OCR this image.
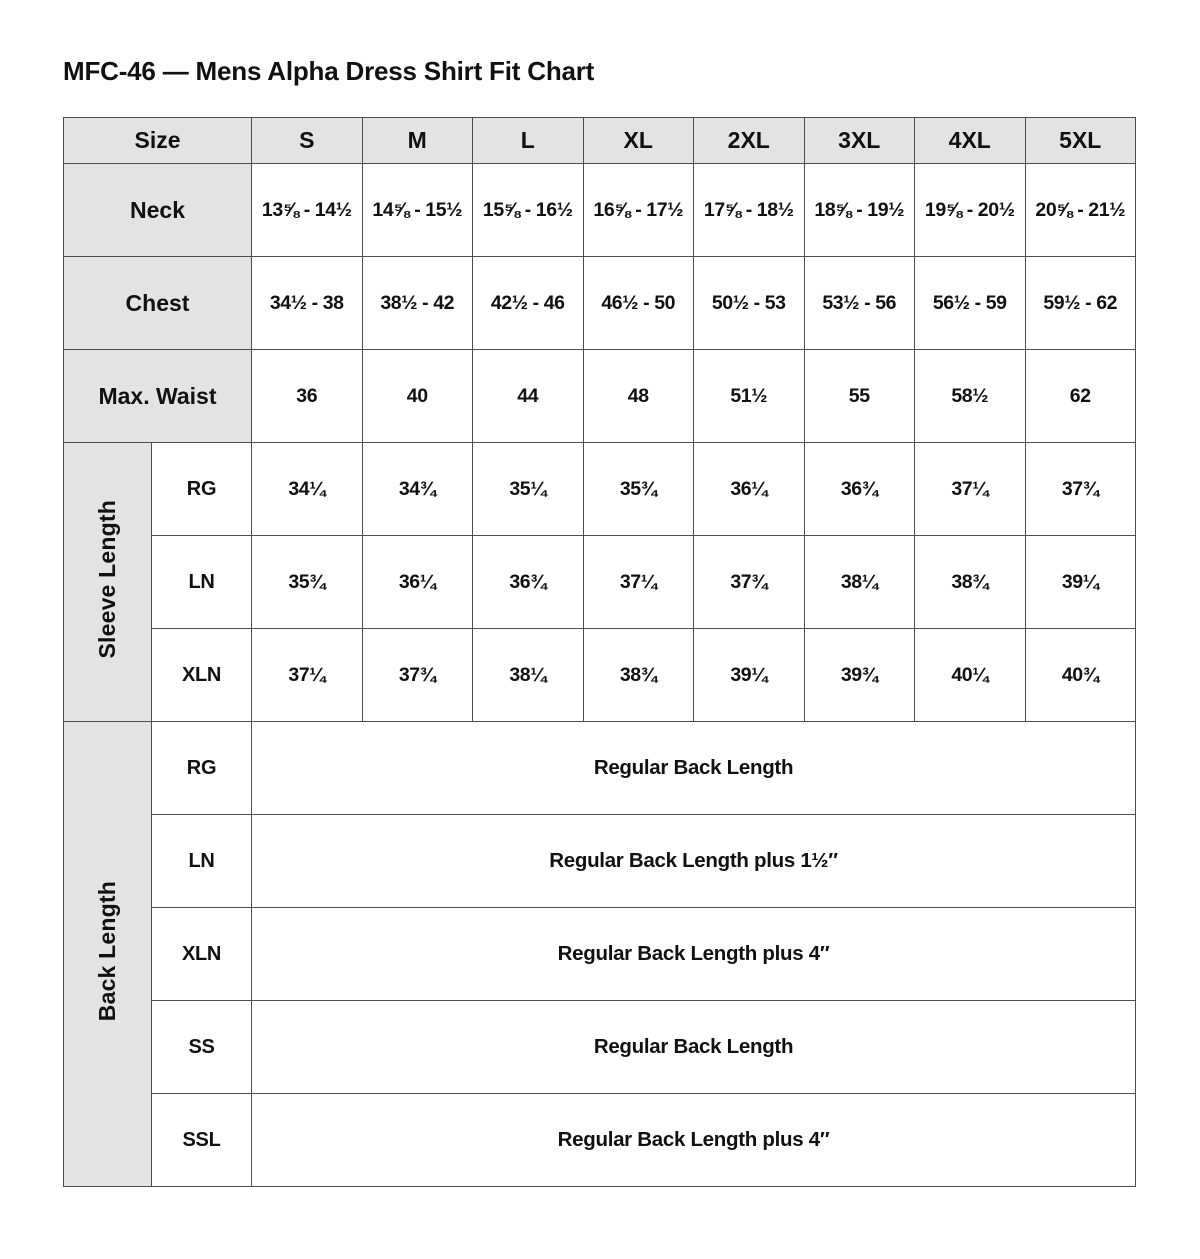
MFC-46 — Mens Alpha Dress Shirt Fit Chart
Size		S	M	L	XL	2XL	3XL	4XL	5XL
Neck		13⅝ - 14½	14⅝ - 15½	15⅝ - 16½	16⅝ - 17½	17⅝ - 18½	18⅝ - 19½	19⅝ - 20½	20⅝ - 21½
Chest		34½ - 38	38½ - 42	42½ - 46	46½ - 50	50½ - 53	53½ - 56	56½ - 59	59½ - 62
Max. Waist		36	40	44	48	51½	55	58½	62
Sleeve Length	RG	34¼	34¾	35¼	35¾	36¼	36¾	37¼	37¾
	LN	35¾	36¼	36¾	37¼	37¾	38¼	38¾	39¼
	XLN	37¼	37¾	38¼	38¾	39¼	39¾	40¼	40¾
Back Length	RG	Regular Back Length							
	LN	Regular Back Length plus 1½″							
	XLN	Regular Back Length plus 4″							
	SS	Regular Back Length							
	SSL	Regular Back Length plus 4″							
